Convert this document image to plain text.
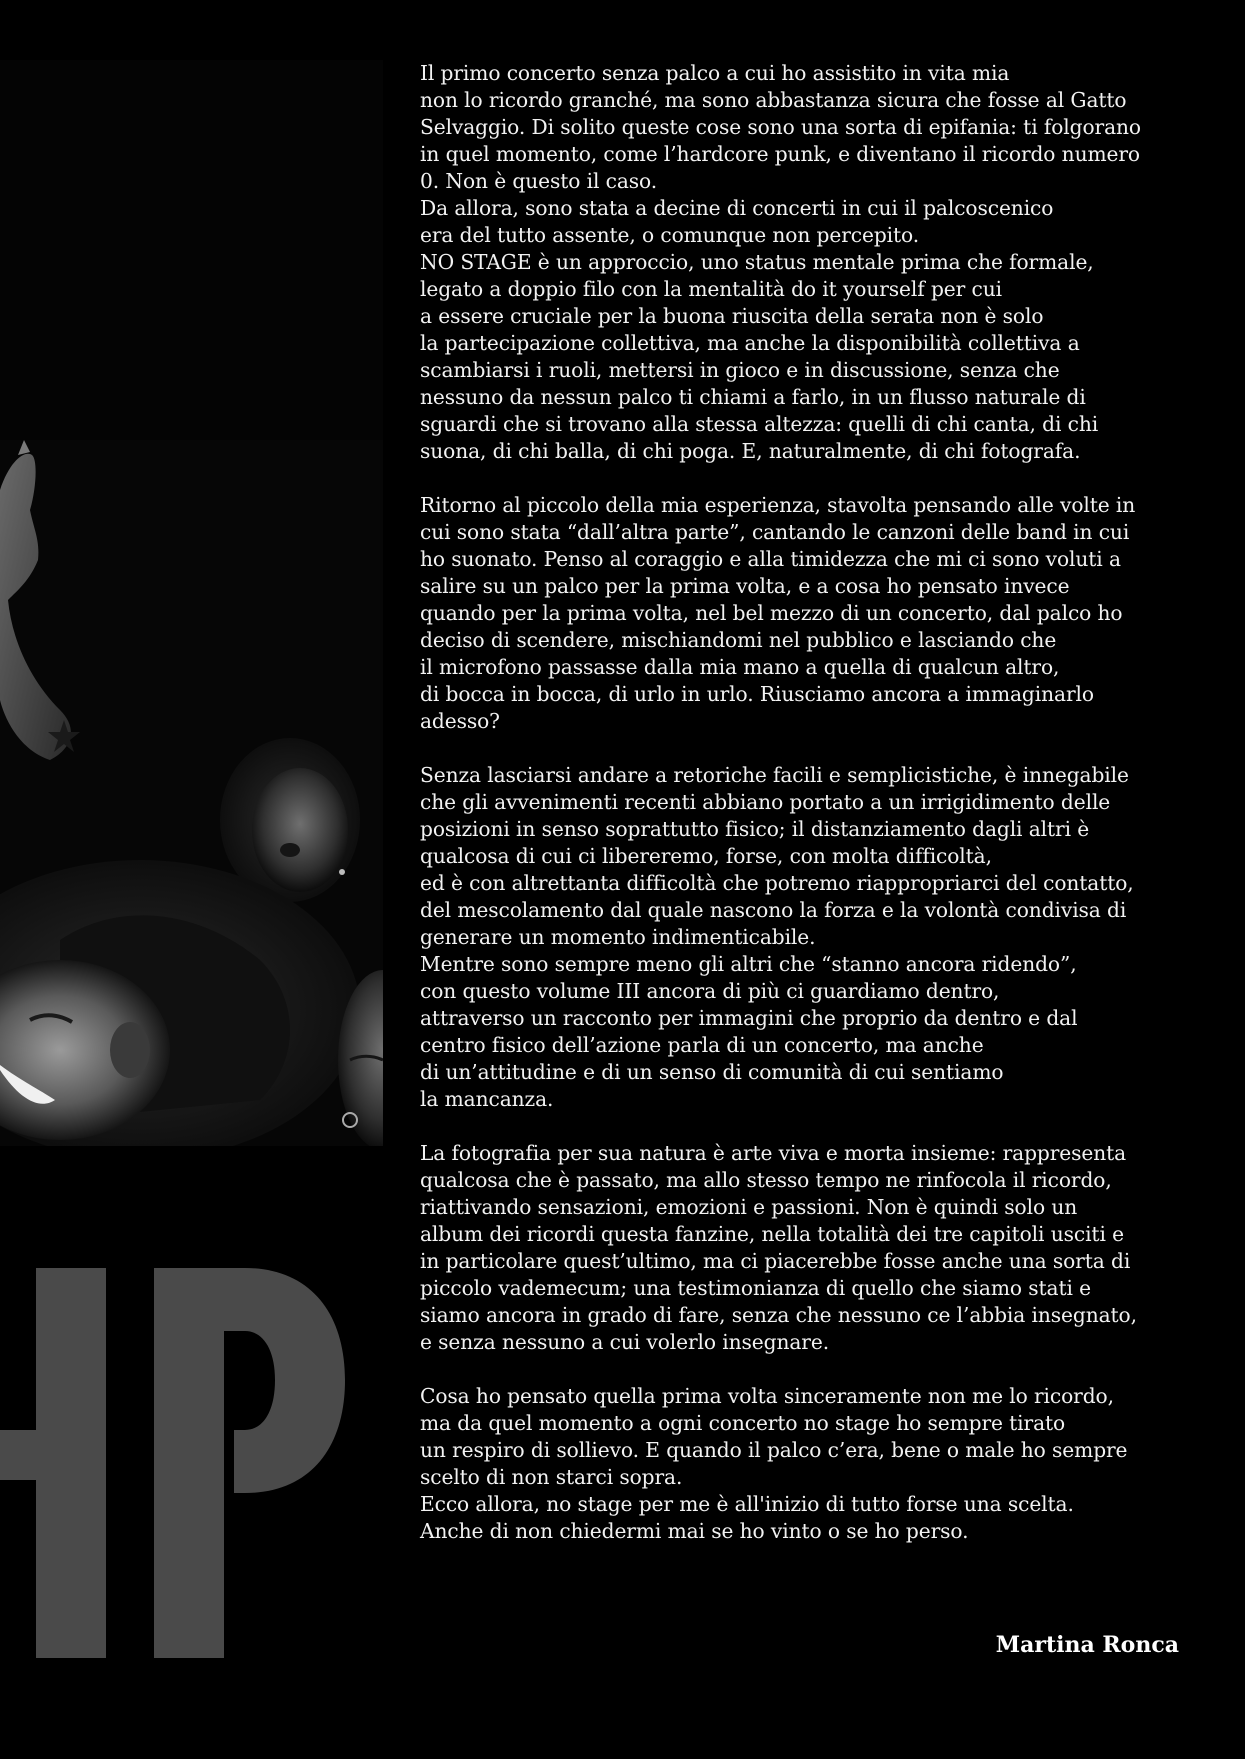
Il primo concerto senza palco a cui ho assistito in vita mia
non lo ricordo granché, ma sono abbastanza sicura che fosse al Gatto
Selvaggio. Di solito queste cose sono una sorta di epifania: ti folgorano
in quel momento, come l’hardcore punk, e diventano il ricordo numero
0. Non è questo il caso.
Da allora, sono stata a decine di concerti in cui il palcoscenico
era del tutto assente, o comunque non percepito.
NO STAGE è un approccio, uno status mentale prima che formale,
legato a doppio filo con la mentalità do it yourself per cui
a essere cruciale per la buona riuscita della serata non è solo
la partecipazione collettiva, ma anche la disponibilità collettiva a
scambiarsi i ruoli, mettersi in gioco e in discussione, senza che
nessuno da nessun palco ti chiami a farlo, in un flusso naturale di
sguardi che si trovano alla stessa altezza: quelli di chi canta, di chi
suona, di chi balla, di chi poga. E, naturalmente, di chi fotografa.
Ritorno al piccolo della mia esperienza, stavolta pensando alle volte in
cui sono stata “dall’altra parte”, cantando le canzoni delle band in cui
ho suonato. Penso al coraggio e alla timidezza che mi ci sono voluti a
salire su un palco per la prima volta, e a cosa ho pensato invece
quando per la prima volta, nel bel mezzo di un concerto, dal palco ho
deciso di scendere, mischiandomi nel pubblico e lasciando che
il microfono passasse dalla mia mano a quella di qualcun altro,
di bocca in bocca, di urlo in urlo. Riusciamo ancora a immaginarlo
adesso?
Senza lasciarsi andare a retoriche facili e semplicistiche, è innegabile
che gli avvenimenti recenti abbiano portato a un irrigidimento delle
posizioni in senso soprattutto fisico; il distanziamento dagli altri è
qualcosa di cui ci libereremo, forse, con molta difficoltà,
ed è con altrettanta difficoltà che potremo riappropriarci del contatto,
del mescolamento dal quale nascono la forza e la volontà condivisa di
generare un momento indimenticabile.
Mentre sono sempre meno gli altri che “stanno ancora ridendo”,
con questo volume III ancora di più ci guardiamo dentro,
attraverso un racconto per immagini che proprio da dentro e dal
centro fisico dell’azione parla di un concerto, ma anche
di un’attitudine e di un senso di comunità di cui sentiamo
la mancanza.
La fotografia per sua natura è arte viva e morta insieme: rappresenta
qualcosa che è passato, ma allo stesso tempo ne rinfocola il ricordo,
riattivando sensazioni, emozioni e passioni. Non è quindi solo un
album dei ricordi questa fanzine, nella totalità dei tre capitoli usciti e
in particolare quest’ultimo, ma ci piacerebbe fosse anche una sorta di
piccolo vademecum; una testimonianza di quello che siamo stati e
siamo ancora in grado di fare, senza che nessuno ce l’abbia insegnato,
e senza nessuno a cui volerlo insegnare.
Cosa ho pensato quella prima volta sinceramente non me lo ricordo,
ma da quel momento a ogni concerto no stage ho sempre tirato
un respiro di sollievo. E quando il palco c’era, bene o male ho sempre
scelto di non starci sopra.
Ecco allora, no stage per me è all'inizio di tutto forse una scelta.
Anche di non chiedermi mai se ho vinto o se ho perso.
Martina Ronca
